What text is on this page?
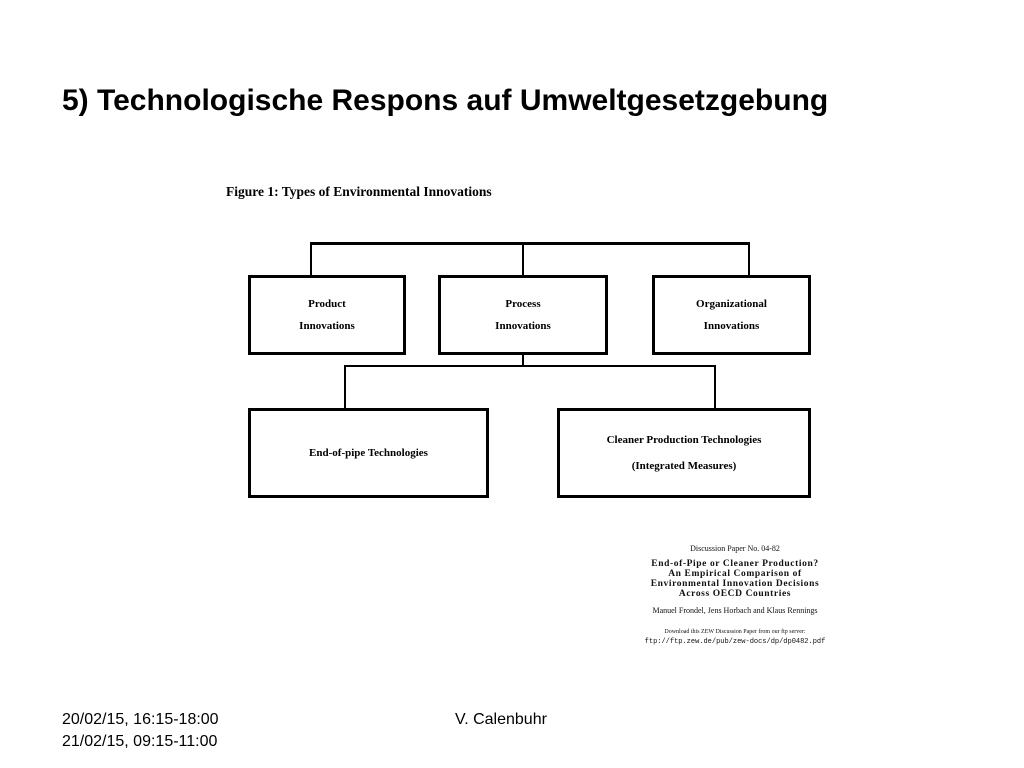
5) Technologische Respons auf Umweltgesetzgebung
Figure 1: Types of Environmental Innovations
Product
Innovations
Process
Innovations
Organizational
Innovations
End-of-pipe Technologies
Cleaner Production Technologies
(Integrated Measures)
Discussion Paper No. 04-82
End-of-Pipe or Cleaner Production?
An Empirical Comparison of
Environmental Innovation Decisions
Across OECD Countries
Manuel Frondel, Jens Horbach and Klaus Rennings
Download this ZEW Discussion Paper from our ftp server:
ftp://ftp.zew.de/pub/zew-docs/dp/dp0482.pdf
20/02/15, 16:15-18:00
21/02/15, 09:15-11:00
V. Calenbuhr
